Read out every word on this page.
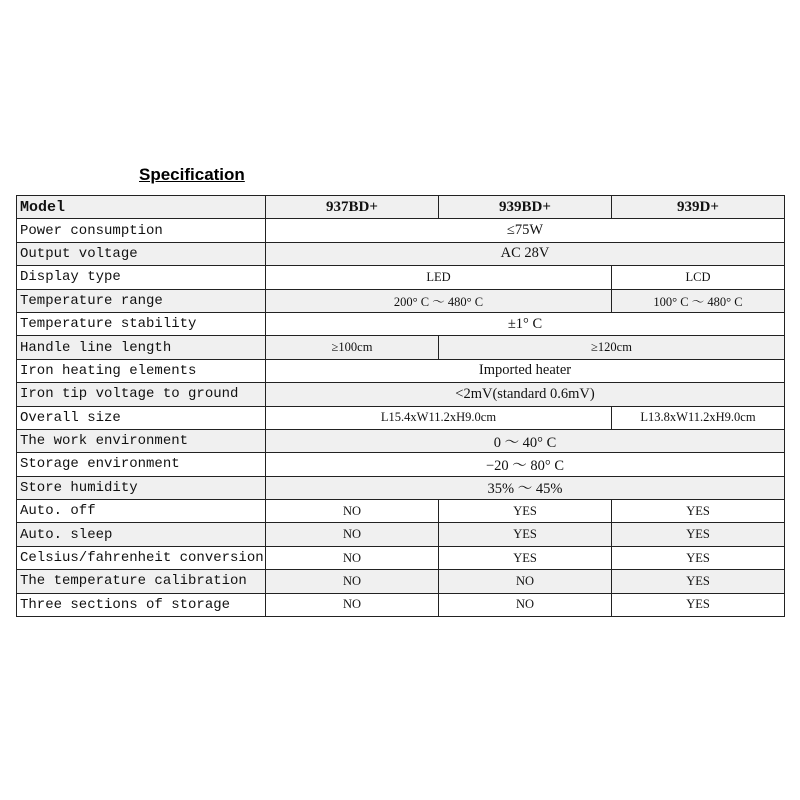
Specification
Model	937BD+	939BD+	939D+
Power consumption	≤75W		
Output voltage	AC 28V		
Display type	LED		LCD
Temperature range	200° C ～ 480° C		100° C ～ 480° C
Temperature stability	±1° C		
Handle line length	≥100cm	≥120cm	
Iron heating elements	Imported heater		
Iron tip voltage to ground	<2mV(standard 0.6mV)		
Overall size	L15.4xW11.2xH9.0cm		L13.8xW11.2xH9.0cm
The work environment	0 ～ 40° C		
Storage environment	−20 ～ 80° C		
Store humidity	35% ～ 45%		
Auto. off	NO	YES	YES
Auto. sleep	NO	YES	YES
Celsius/fahrenheit conversion	NO	YES	YES
The temperature calibration	NO	NO	YES
Three sections of storage	NO	NO	YES
